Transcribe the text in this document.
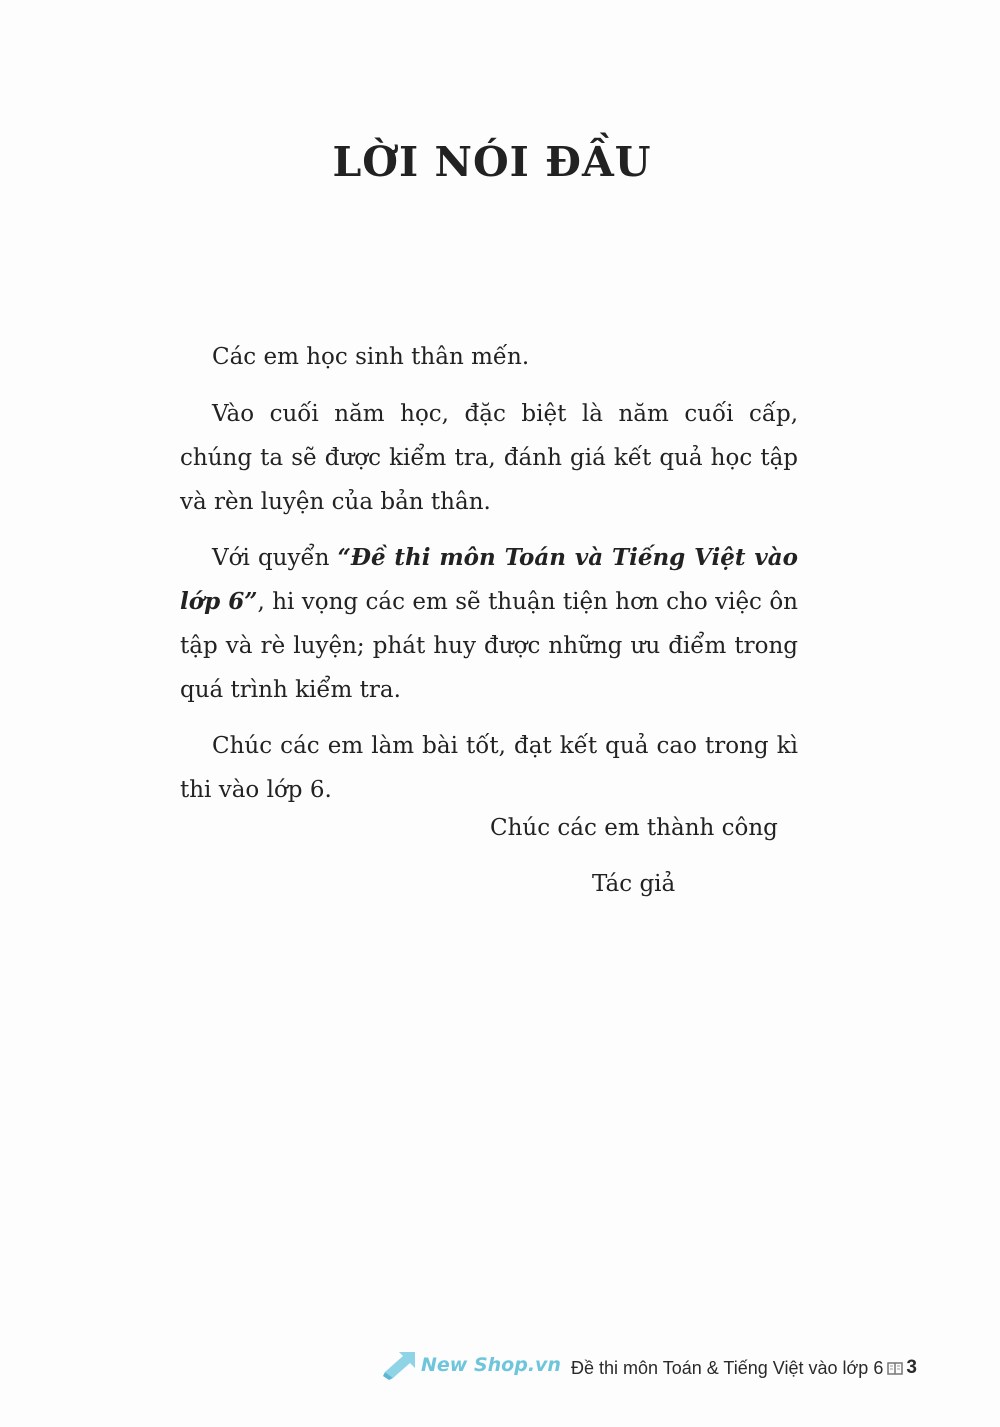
LỜI NÓI ĐẦU

Các em học sinh thân mến.

Vào cuối năm học, đặc biệt là năm cuối cấp, chúng ta sẽ được kiểm tra, đánh giá kết quả học tập và rèn luyện của bản thân.

Với quyển “Đề thi môn Toán và Tiếng Việt vào lớp 6”, hi vọng các em sẽ thuận tiện hơn cho việc ôn tập và rè luyện; phát huy được những ưu điểm trong quá trình kiểm tra.

Chúc các em làm bài tốt, đạt kết quả cao trong kì thi vào lớp 6.

Chúc các em thành công
Tác giả
New Shop.vn Đề thi môn Toán & Tiếng Việt vào lớp 6 3
